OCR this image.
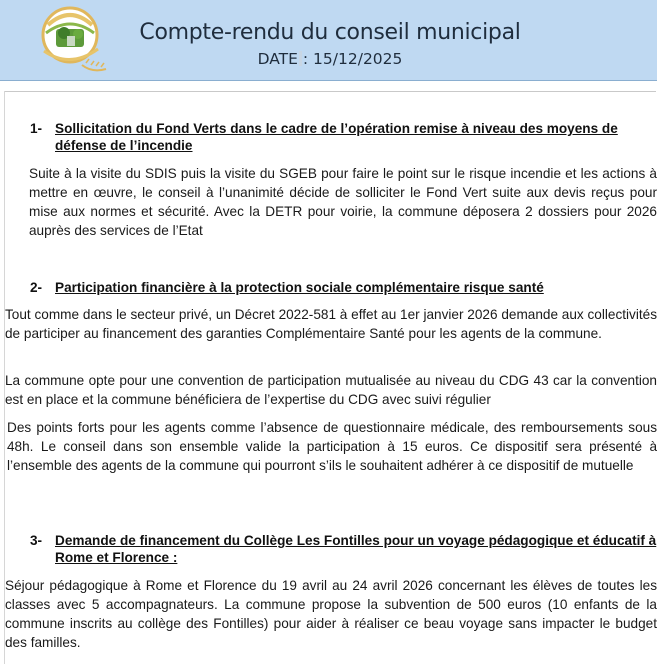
Compte-rendu du conseil municipal
DATE : 15/12/2025
1- Sollicitation du Fond Verts dans le cadre de l’opération remise à niveau des moyens de défense de l’incendie

Suite à la visite du SDIS puis la visite du SGEB pour faire le point sur le risque incendie et les actions à mettre en œuvre, le conseil à l’unanimité décide de solliciter le Fond Vert suite aux devis reçus pour mise aux normes et sécurité. Avec la DETR pour voirie, la commune déposera 2 dossiers pour 2026 auprès des services de l’Etat

2- Participation financière à la protection sociale complémentaire risque santé

Tout comme dans le secteur privé, un Décret 2022-581 à effet au 1er janvier 2026 demande aux collectivités de participer au financement des garanties Complémentaire Santé pour les agents de la commune.

La commune opte pour une convention de participation mutualisée au niveau du CDG 43 car la convention est en place et la commune bénéficiera de l’expertise du CDG avec suivi régulier

Des points forts pour les agents comme l’absence de questionnaire médicale, des remboursements sous 48h. Le conseil dans son ensemble valide la participation à 15 euros. Ce dispositif sera présenté à l’ensemble des agents de la commune qui pourront s’ils le souhaitent adhérer à ce dispositif de mutuelle

3- Demande de financement du Collège Les Fontilles pour un voyage pédagogique et éducatif à Rome et Florence :

Séjour pédagogique à Rome et Florence du 19 avril au 24 avril 2026 concernant les élèves de toutes les classes avec 5 accompagnateurs. La commune propose la subvention de 500 euros (10 enfants de la commune inscrits au collège des Fontilles) pour aider à réaliser ce beau voyage sans impacter le budget des familles.
